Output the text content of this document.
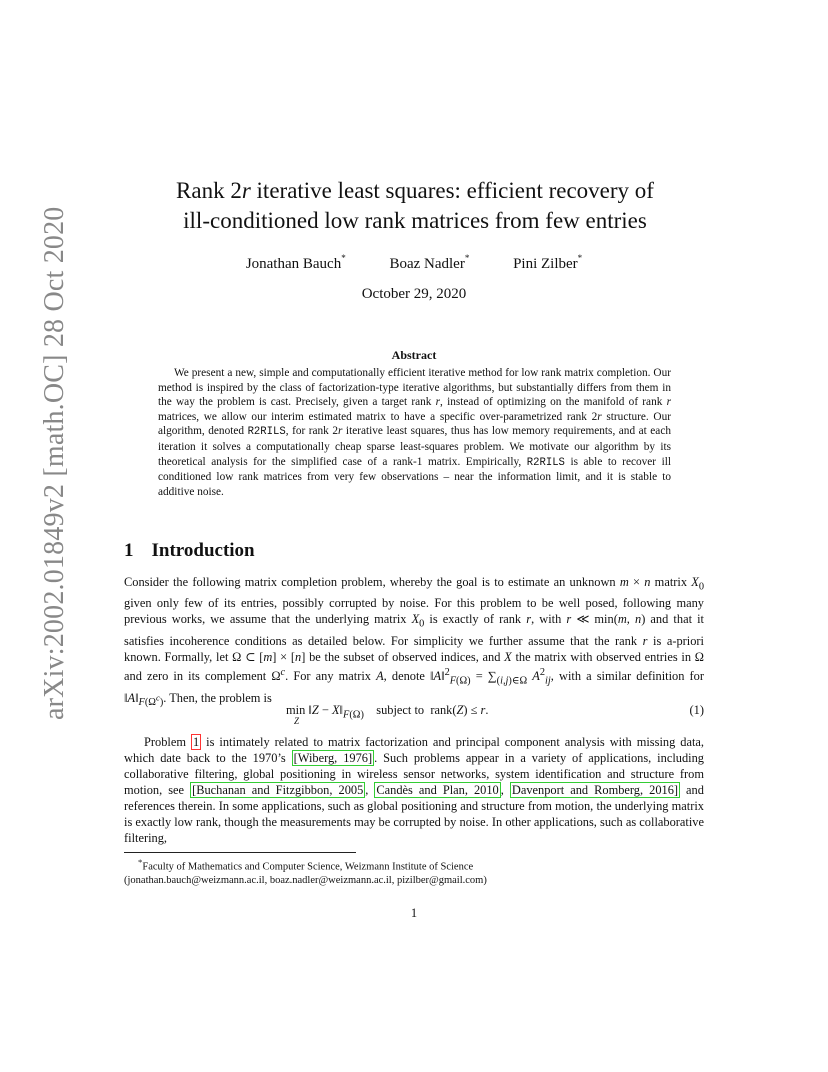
arXiv:2002.01849v2 [math.OC] 28 Oct 2020
Rank 2r iterative least squares: efficient recovery of
ill-conditioned low rank matrices from few entries
Jonathan Bauch*	Boaz Nadler*	Pini Zilber*
October 29, 2020
Abstract

We present a new, simple and computationally efficient iterative method for low rank matrix completion. Our method is inspired by the class of factorization-type iterative algorithms, but substantially differs from them in the way the problem is cast. Precisely, given a target rank r, instead of optimizing on the manifold of rank r matrices, we allow our interim estimated matrix to have a specific over-parametrized rank 2r structure. Our algorithm, denoted R2RILS, for rank 2r iterative least squares, thus has low memory requirements, and at each iteration it solves a computationally cheap sparse least-squares problem. We motivate our algorithm by its theoretical analysis for the simplified case of a rank-1 matrix. Empirically, R2RILS is able to recover ill conditioned low rank matrices from very few observations – near the information limit, and it is stable to additive noise.

1 Introduction

Consider the following matrix completion problem, whereby the goal is to estimate an unknown m × n matrix $X_0$ given only few of its entries, possibly corrupted by noise. For this problem to be well posed, following many previous works, we assume that the underlying matrix $X_0$ is exactly of rank r, with r ≪ min(m, n) and that it satisfies incoherence conditions as detailed below. For simplicity we further assume that the rank r is a-priori known. Formally, let Ω ⊂ [m] × [n] be the subset of observed indices, and X the matrix with observed entries in Ω and zero in its complement $\Omega^c$. For any matrix A, denote ‖A‖$^2_{F(\Omega)}$ = $\sum_{(i,j)\in\Omega}$ $A^2_{ij}$, with a similar definition for $‖A‖_{F(\Omega^c)}$. Then, the problem is

min ‖Z − $X‖_{F(\Omega)}$ subject to  rank(Z) ≤ r.
Z
(1)

Problem 1 is intimately related to matrix factorization and principal component analysis with missing data, which date back to the 1970’s [Wiberg, 1976] . Such problems appear in a variety of applications, including collaborative filtering, global positioning in wireless sensor networks, system identification and structure from motion, see [Buchanan and Fitzgibbon, 2005 , Candès and Plan, 2010 , Davenport and Romberg, 2016] and references therein. In some applications, such as global positioning and structure from motion, the underlying matrix is exactly low rank, though the measurements may be corrupted by noise. In other applications, such as collaborative filtering,

*Faculty of Mathematics and Computer Science, Weizmann Institute of Science
(jonathan.bauch@weizmann.ac.il, boaz.nadler@weizmann.ac.il, pizilber@gmail.com)

1
